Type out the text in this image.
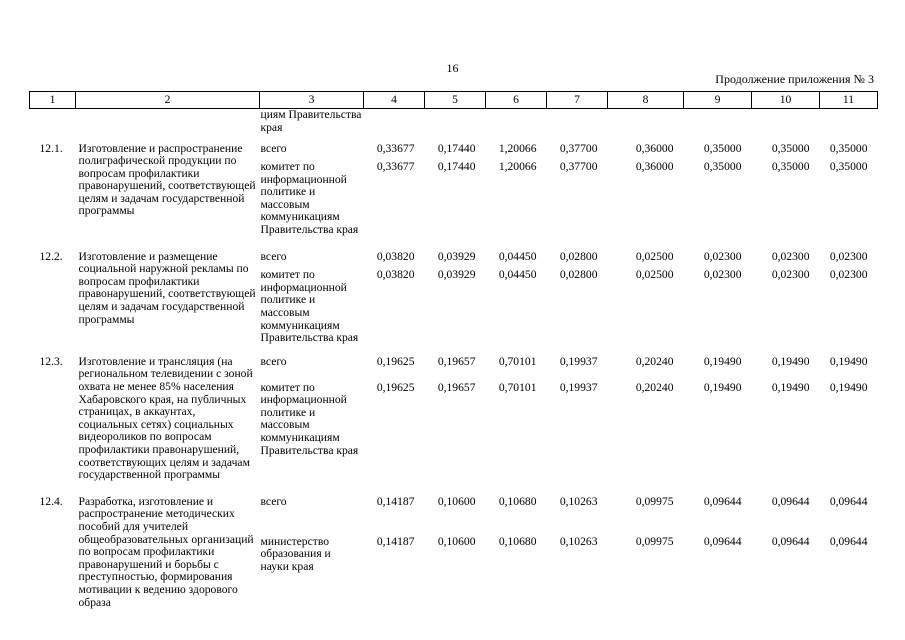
16
Продолжение приложения № 3
1	2	3	4	5	6	7	8	9	10	11
		циям Правительства края								
12.1.	Изготовление и распространение полиграфической продукции по вопросам профилактики правонарушений, соответствующей целям и задачам государственной программы	всего	0,33677	0,17440	1,20066	0,37700	0,36000	0,35000	0,35000	0,35000
		комитет по информационной политике и массовым коммуникациям Правительства края	0,33677	0,17440	1,20066	0,37700	0,36000	0,35000	0,35000	0,35000
12.2.	Изготовление и размещение социальной наружной рекламы по вопросам профилактики правонарушений, соответствующей целям и задачам государственной программы	всего	0,03820	0,03929	0,04450	0,02800	0,02500	0,02300	0,02300	0,02300
		комитет по информационной политике и массовым коммуникациям Правительства края	0,03820	0,03929	0,04450	0,02800	0,02500	0,02300	0,02300	0,02300
12.3.	Изготовление и трансляция (на региональном телевидении с зоной охвата не менее 85% населения Хабаровского края, на публичных страницах, в аккаунтах, социальных сетях) социальных видеороликов по вопросам профилактики правонарушений, соответствующих целям и задачам государственной программы	всего	0,19625	0,19657	0,70101	0,19937	0,20240	0,19490	0,19490	0,19490
		комитет по информационной политике и массовым коммуникациям Правительства края	0,19625	0,19657	0,70101	0,19937	0,20240	0,19490	0,19490	0,19490
12.4.	Разработка, изготовление и распространение методических пособий для учителей общеобразовательных организаций по вопросам профилактики правонарушений и борьбы с преступностью, формирования мотивации к ведению здорового образа	всего	0,14187	0,10600	0,10680	0,10263	0,09975	0,09644	0,09644	0,09644
		министерство образования и науки края	0,14187	0,10600	0,10680	0,10263	0,09975	0,09644	0,09644	0,09644
